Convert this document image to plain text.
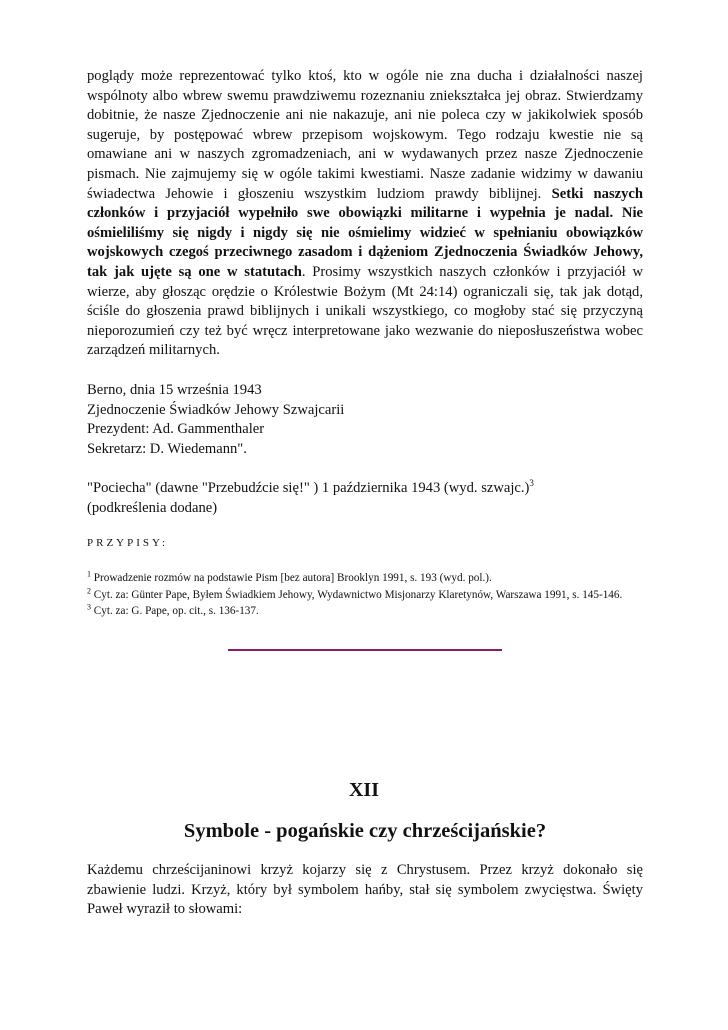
poglądy może reprezentować tylko ktoś, kto w ogóle nie zna ducha i działalności naszej wspólnoty albo wbrew swemu prawdziwemu rozeznaniu zniekształca jej obraz. Stwierdzamy dobitnie, że nasze Zjednoczenie ani nie nakazuje, ani nie poleca czy w jakikolwiek sposób sugeruje, by postępować wbrew przepisom wojskowym. Tego rodzaju kwestie nie są omawiane ani w naszych zgromadzeniach, ani w wydawanych przez nasze Zjednoczenie pismach. Nie zajmujemy się w ogóle takimi kwestiami. Nasze zadanie widzimy w dawaniu świadectwa Jehowie i głoszeniu wszystkim ludziom prawdy biblijnej. Setki naszych członków i przyjaciół wypełniło swe obowiązki militarne i wypełnia je nadal. Nie ośmieliliśmy się nigdy i nigdy się nie ośmielimy widzieć w spełnianiu obowiązków wojskowych czegoś przeciwnego zasadom i dążeniom Zjednoczenia Świadków Jehowy, tak jak ujęte są one w statutach. Prosimy wszystkich naszych członków i przyjaciół w wierze, aby głosząc orędzie o Królestwie Bożym (Mt 24:14) ograniczali się, tak jak dotąd, ściśle do głoszenia prawd biblijnych i unikali wszystkiego, co mogłoby stać się przyczyną nieporozumień czy też być wręcz interpretowane jako wezwanie do nieposłuszeństwa wobec zarządzeń militarnych.

Berno, dnia 15 września 1943

Zjednoczenie Świadków Jehowy Szwajcarii

Prezydent: Ad. Gammenthaler

Sekretarz: D. Wiedemann".

"Pociecha" (dawne "Przebudźcie się!" ) 1 października 1943 (wyd. szwajc.)$^3$

(podkreślenia dodane)

PRZYPISY:

$^1$ Prowadzenie rozmów na podstawie Pism [bez autora] Brooklyn 1991, s. 193 (wyd. pol.).

$^2$ Cyt. za: Günter Pape, Byłem Świadkiem Jehowy, Wydawnictwo Misjonarzy Klaretynów, Warszawa 1991, s. 145-146.

$^3$ Cyt. za: G. Pape, op. cit., s. 136-137.

XII
Symbole - pogańskie czy chrześcijańskie?

Każdemu chrześcijaninowi krzyż kojarzy się z Chrystusem. Przez krzyż dokonało się zbawienie ludzi. Krzyż, który był symbolem hańby, stał się symbolem zwycięstwa. Święty Paweł wyraził to słowami:
